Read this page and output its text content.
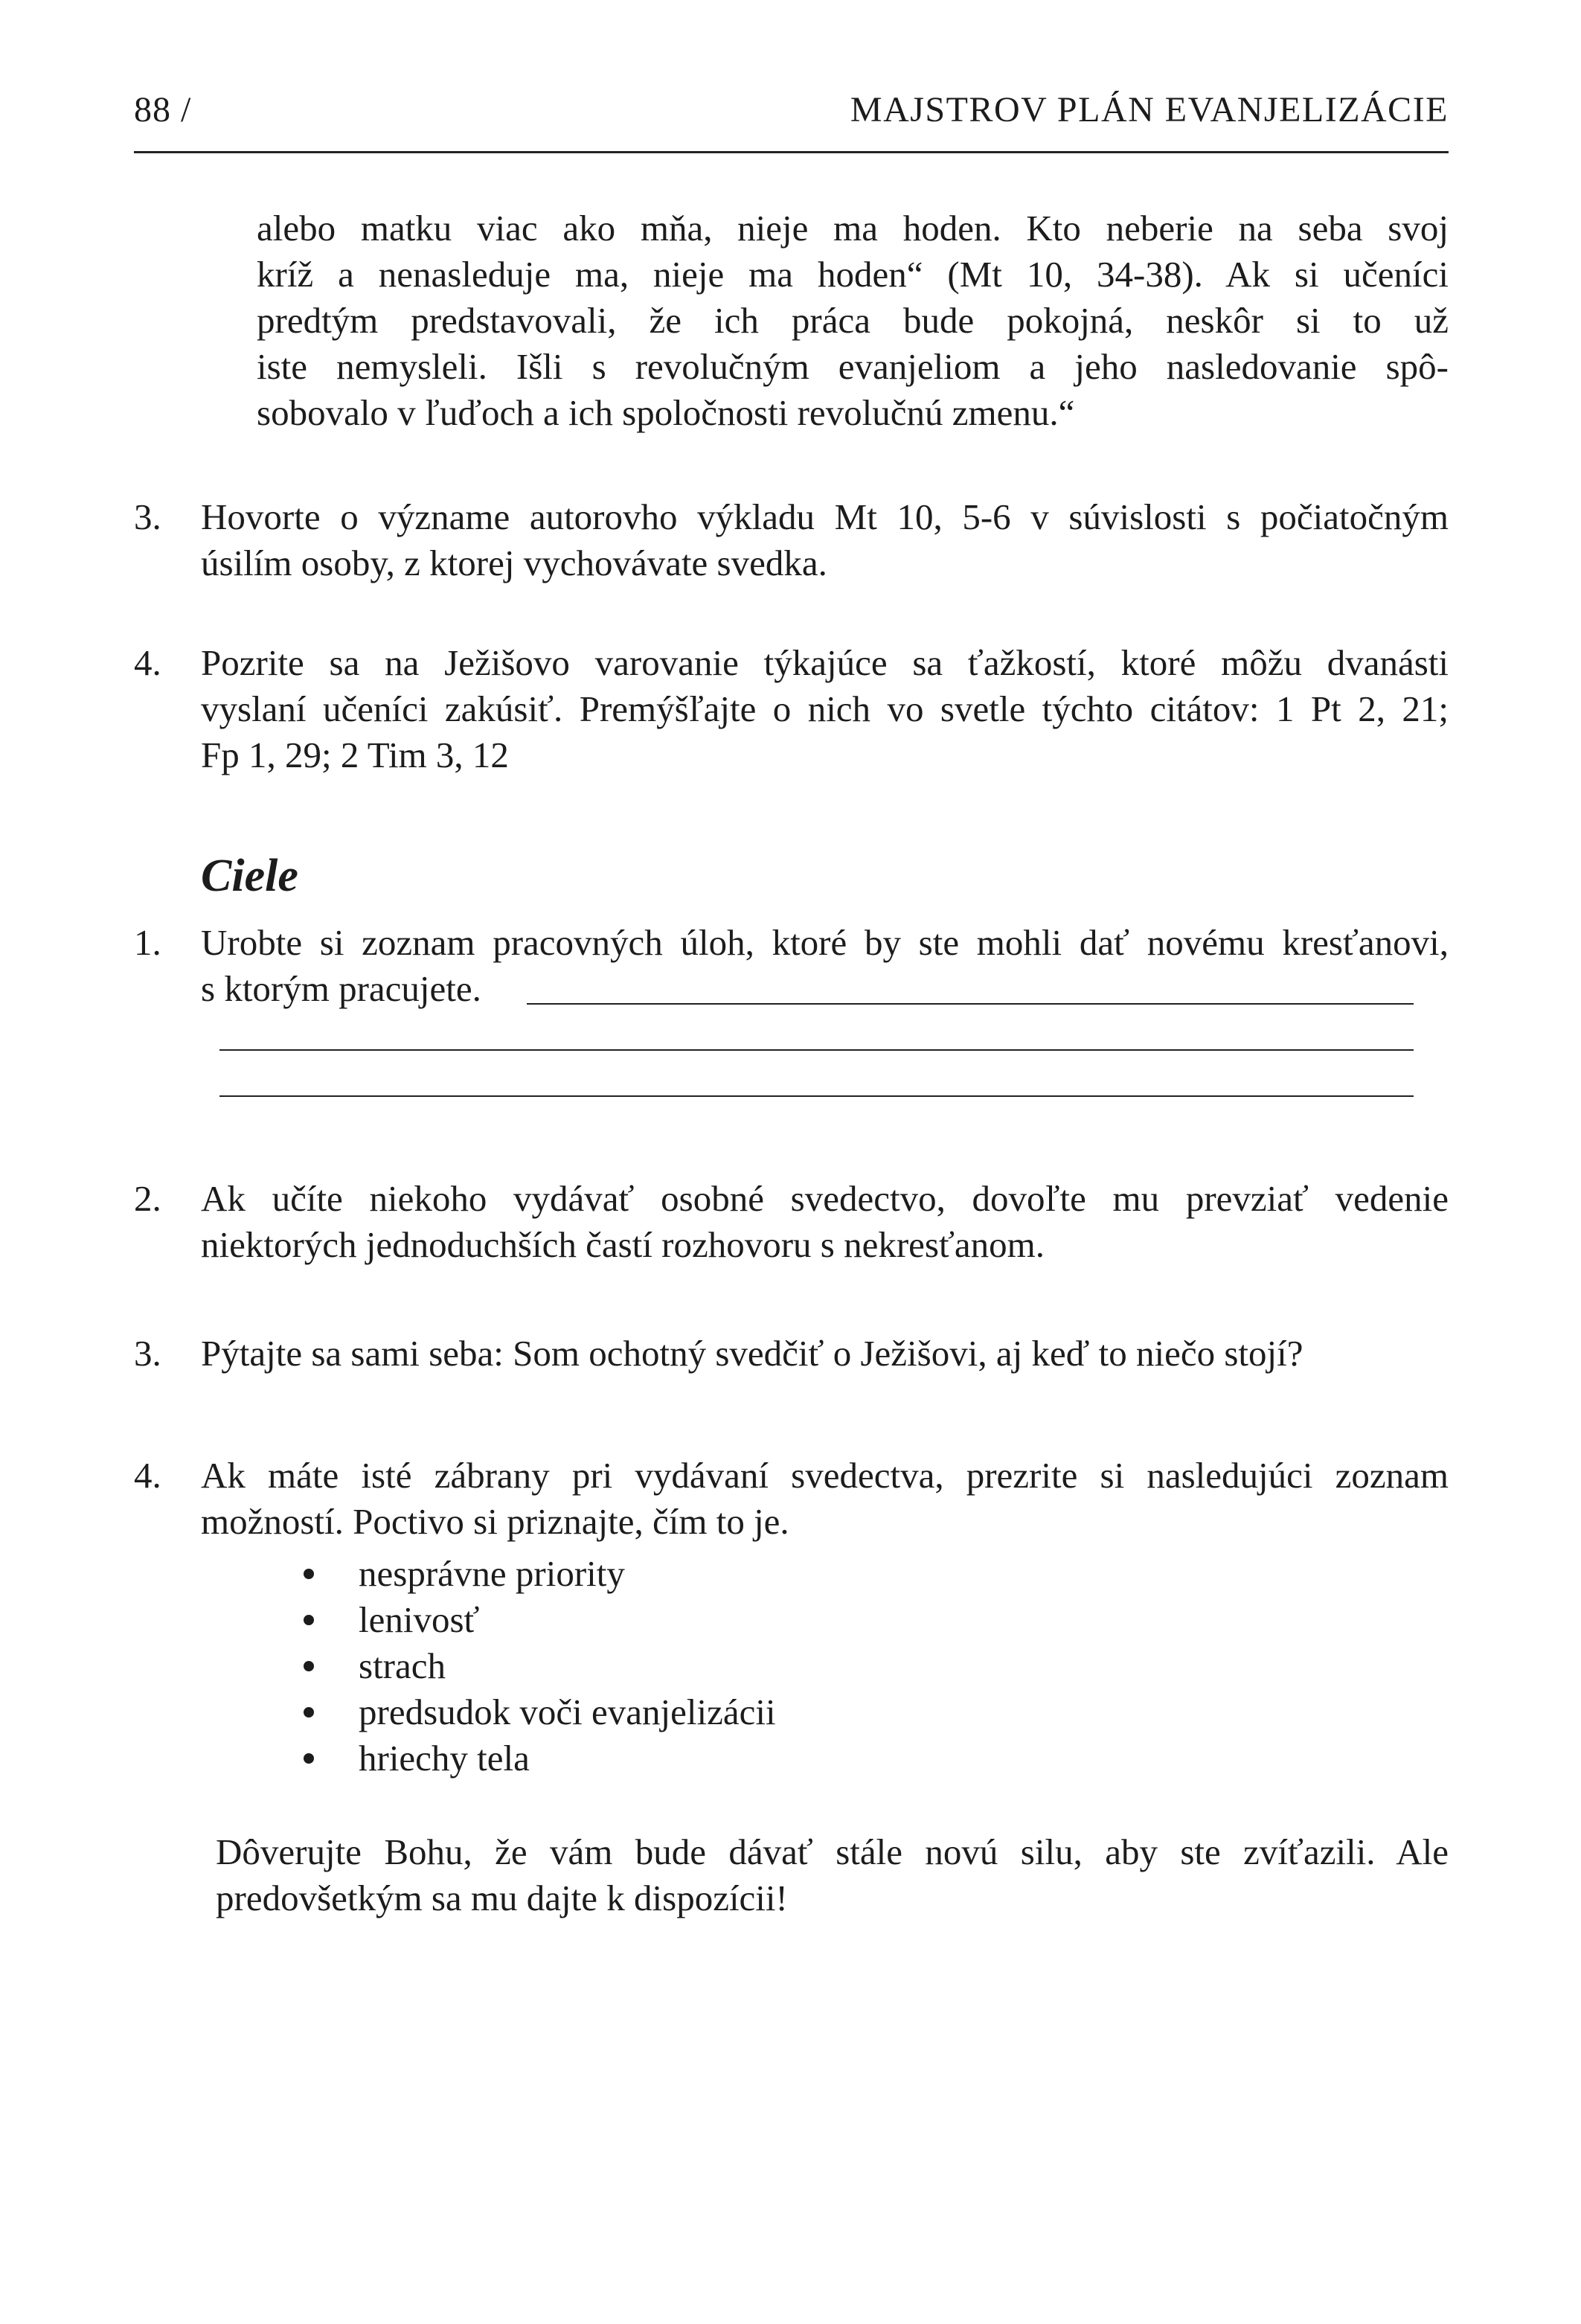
88 /	MAJSTROV PLÁN EVANJELIZÁCIE
alebo matku viac ako mňa, nieje ma hoden. Kto neberie na seba svoj
kríž a nenasleduje ma, nieje ma hoden“ (Mt 10, 34-38). Ak si učeníci
predtým predstavovali, že ich práca bude pokojná, neskôr si to už
iste nemysleli. Išli s revolučným evanjeliom a jeho nasledovanie spô-
sobovalo v ľuďoch a ich spoločnosti revolučnú zmenu.“
3. Hovorte o význame autorovho výkladu Mt 10, 5-6 v súvislosti s počiatočným
úsilím osoby, z ktorej vychovávate svedka.
4. Pozrite sa na Ježišovo varovanie týkajúce sa ťažkostí, ktoré môžu dvanásti
vyslaní učeníci zakúsiť. Premýšľajte o nich vo svetle týchto citátov: 1 Pt 2, 21;
Fp 1, 29; 2 Tim 3, 12
Ciele
1. Urobte si zoznam pracovných úloh, ktoré by ste mohli dať novému kresťanovi,
s ktorým pracujete.
2. Ak učíte niekoho vydávať osobné svedectvo, dovoľte mu prevziať vedenie
niektorých jednoduchších častí rozhovoru s nekresťanom.
3. Pýtajte sa sami seba: Som ochotný svedčiť o Ježišovi, aj keď to niečo stojí?
4. Ak máte isté zábrany pri vydávaní svedectva, prezrite si nasledujúci zoznam
možností. Poctivo si priznajte, čím to je.
nesprávne priority
lenivosť
strach
predsudok voči evanjelizácii
hriechy tela
Dôverujte Bohu, že vám bude dávať stále novú silu, aby ste zvíťazili. Ale
predovšetkým sa mu dajte k dispozícii!
